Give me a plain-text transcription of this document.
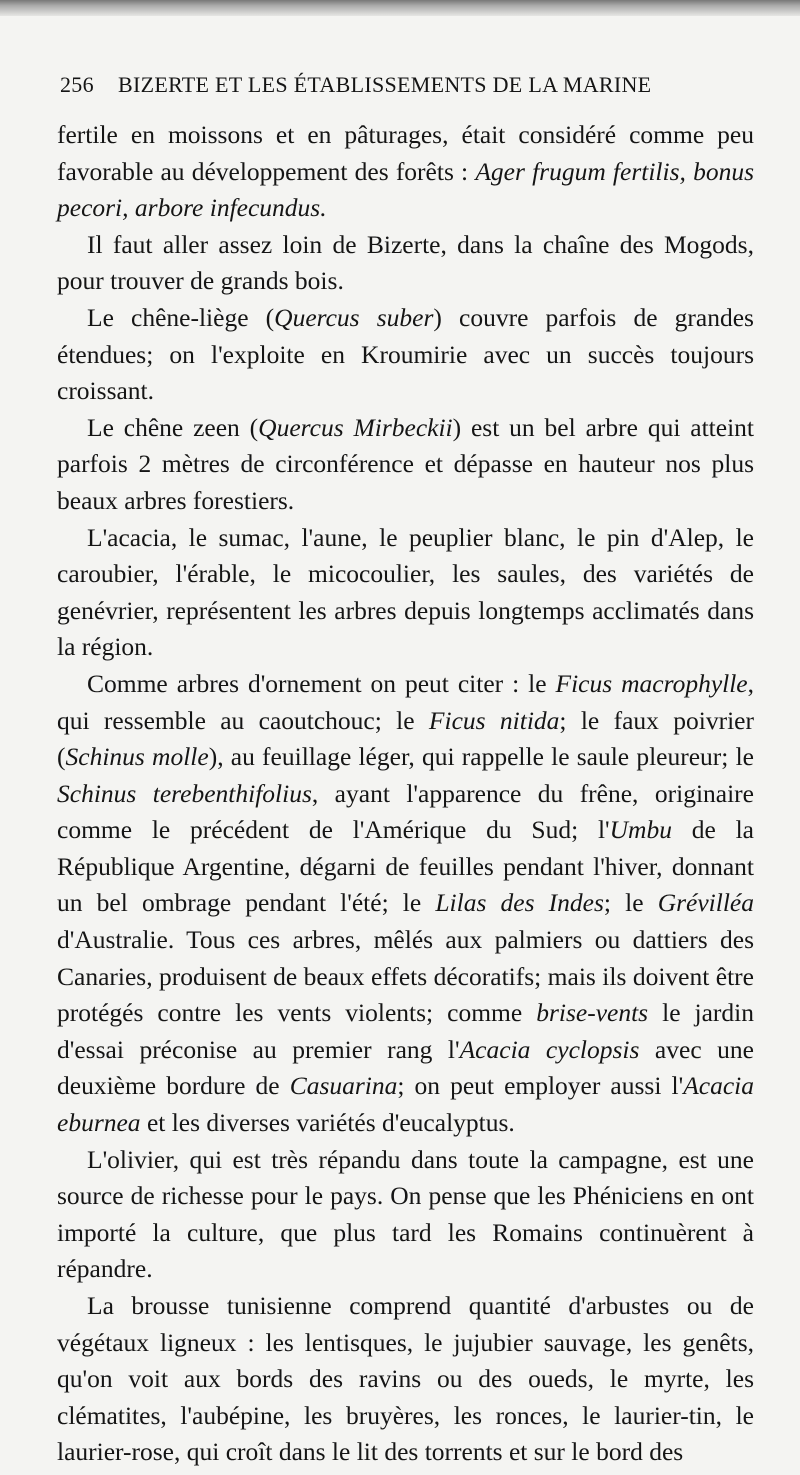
256	BIZERTE ET LES ÉTABLISSEMENTS DE LA MARINE

fertile en moissons et en pâturages, était considéré comme peu favorable au développement des forêts : Ager frugum fertilis, bonus pecori, arbore infecundus.

Il faut aller assez loin de Bizerte, dans la chaîne des Mogods, pour trouver de grands bois.

Le chêne-liège (Quercus suber) couvre parfois de grandes étendues; on l'exploite en Kroumirie avec un succès toujours croissant.

Le chêne zeen (Quercus Mirbeckii) est un bel arbre qui atteint parfois 2 mètres de circonférence et dépasse en hauteur nos plus beaux arbres forestiers.

L'acacia, le sumac, l'aune, le peuplier blanc, le pin d'Alep, le caroubier, l'érable, le micocoulier, les saules, des variétés de genévrier, représentent les arbres depuis longtemps acclimatés dans la région.

Comme arbres d'ornement on peut citer : le Ficus macrophylle, qui ressemble au caoutchouc; le Ficus nitida; le faux poivrier (Schinus molle), au feuillage léger, qui rappelle le saule pleureur; le Schinus terebenthifolius, ayant l'apparence du frêne, originaire comme le précédent de l'Amérique du Sud; l'Umbu de la République Argentine, dégarni de feuilles pendant l'hiver, donnant un bel ombrage pendant l'été; le Lilas des Indes; le Grévilléa d'Australie. Tous ces arbres, mêlés aux palmiers ou dattiers des Canaries, produisent de beaux effets décoratifs; mais ils doivent être protégés contre les vents violents; comme brise-vents le jardin d'essai préconise au premier rang l'Acacia cyclopsis avec une deuxième bordure de Casuarina; on peut employer aussi l'Acacia eburnea et les diverses variétés d'eucalyptus.

L'olivier, qui est très répandu dans toute la campagne, est une source de richesse pour le pays. On pense que les Phéniciens en ont importé la culture, que plus tard les Romains continuèrent à répandre.

La brousse tunisienne comprend quantité d'arbustes ou de végétaux ligneux : les lentisques, le jujubier sauvage, les genêts, qu'on voit aux bords des ravins ou des oueds, le myrte, les clématites, l'aubépine, les bruyères, les ronces, le laurier-tin, le laurier-rose, qui croît dans le lit des torrents et sur le bord des
